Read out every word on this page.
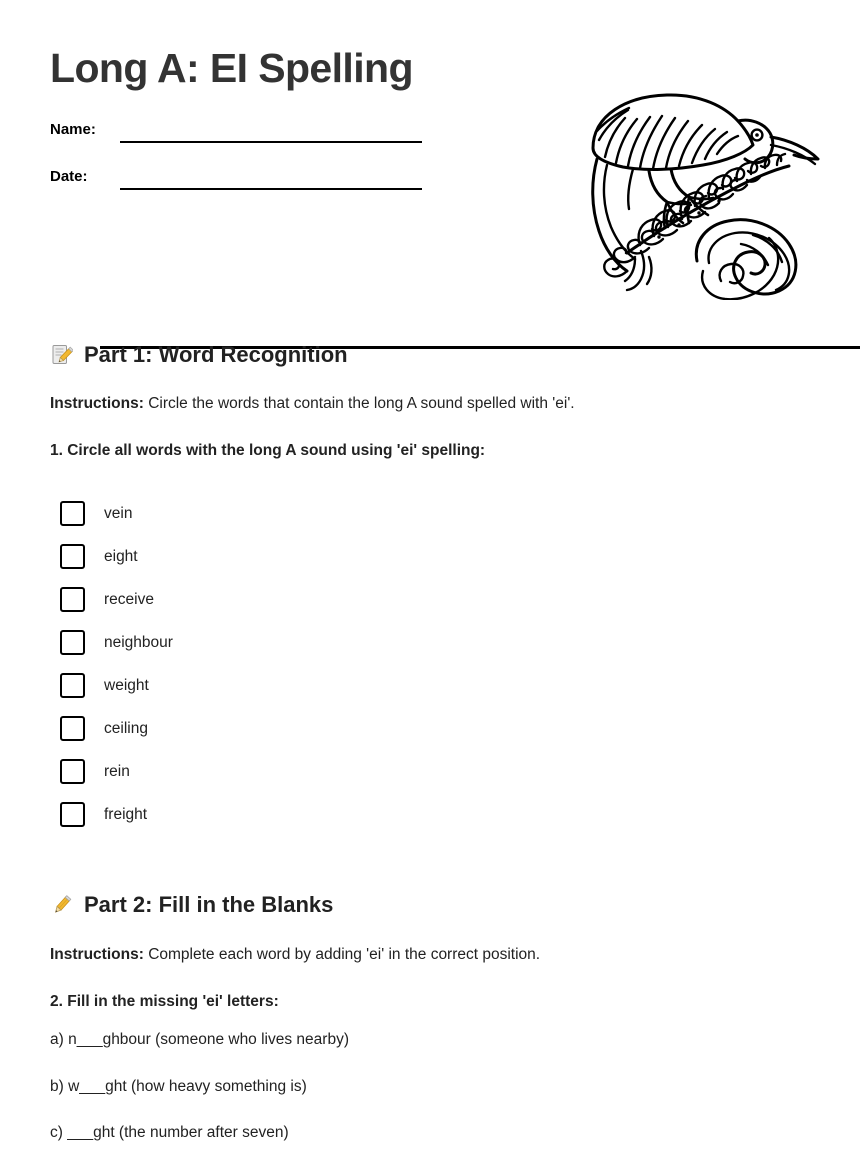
Long A: EI Spelling
Name:
Date:
Part 1: Word Recognition

Instructions: Circle the words that contain the long A sound spelled with 'ei'.

1. Circle all words with the long A sound using 'ei' spelling:

vein
eight
receive
neighbour
weight
ceiling
rein
freight
Part 2: Fill in the Blanks

Instructions: Complete each word by adding 'ei' in the correct position.

2. Fill in the missing 'ei' letters:

a) n___ghbour (someone who lives nearby)
b) w___ght (how heavy something is)
c) ___ght (the number after seven)
